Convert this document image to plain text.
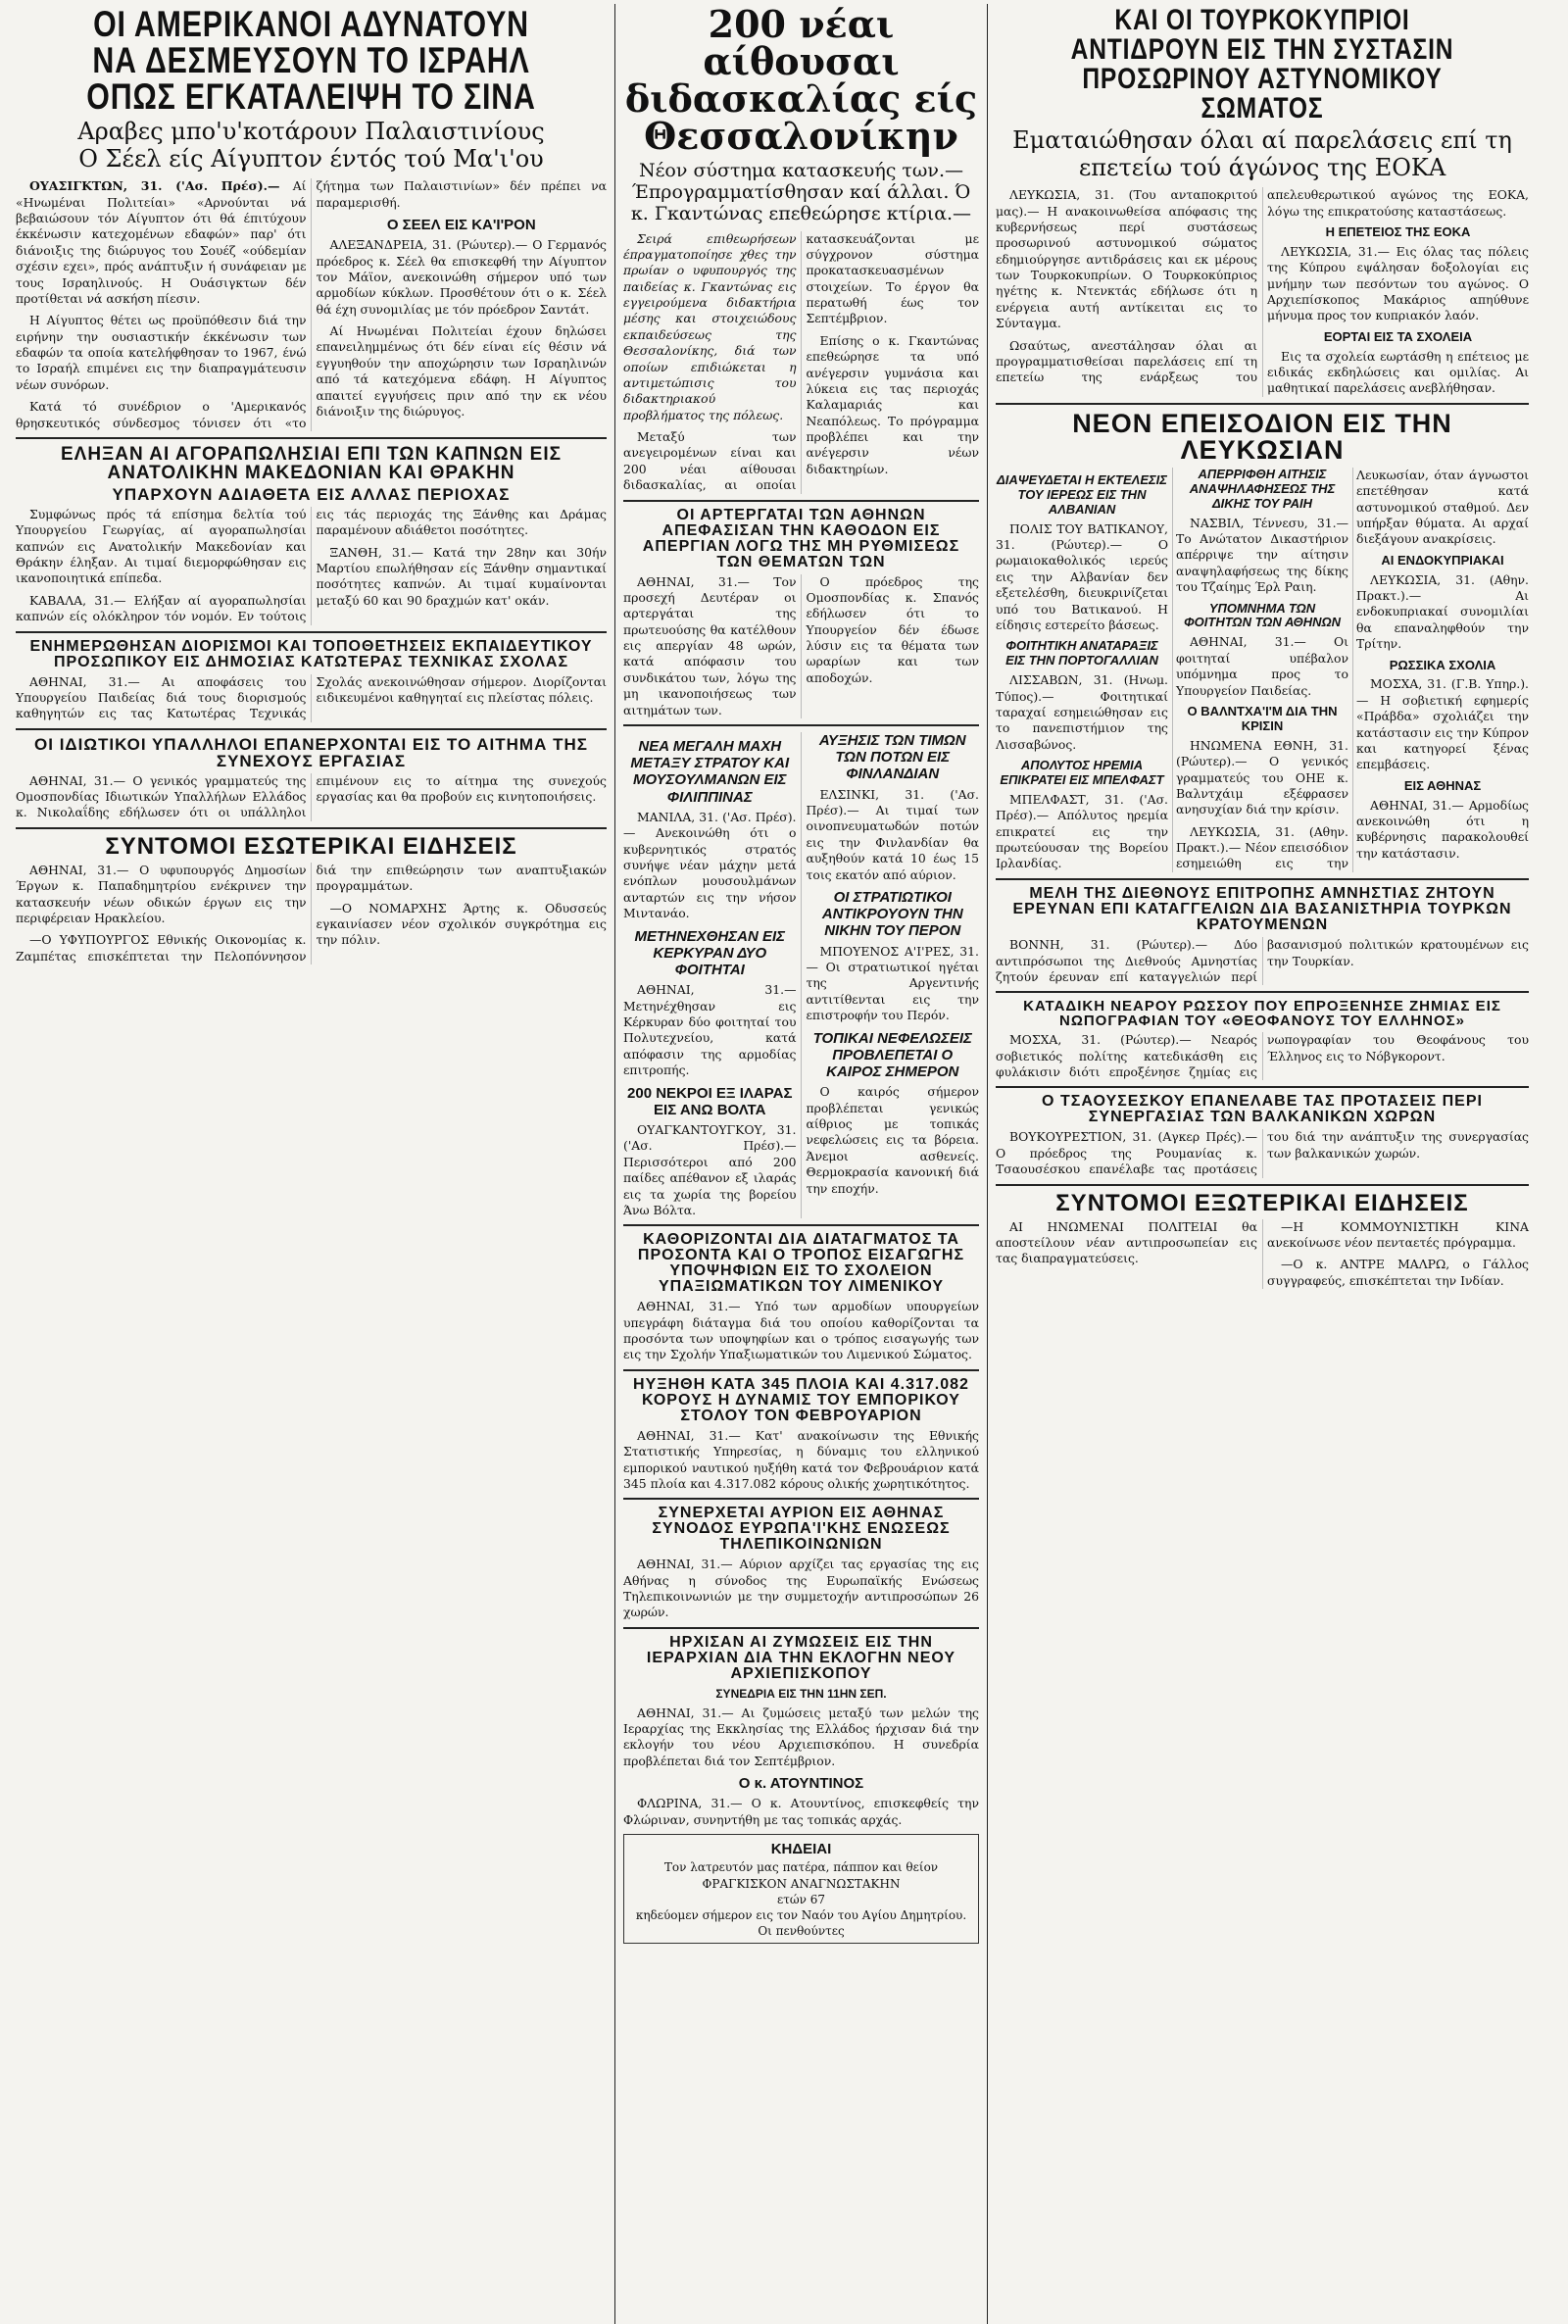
ΟΙ ΑΜΕΡΙΚΑΝΟΙ ΑΔΥΝΑΤΟΥΝ ΝΑ ΔΕΣΜΕΥΣΟΥΝ ΤΟ ΙΣΡΑΗΛ ΟΠΩΣ ΕΓΚΑΤΑΛΕΙΨΗ ΤΟ ΣΙΝΑ
Αραβες μπο'υ'κοτάρουν Παλαιστινίους
Ο Σέελ είς Αίγυπτον έντός τού Μα'ι'ου

ΟΥΑΣΙΓΚΤΩΝ, 31. ('Ασ. Πρέσ).— Αί «Ηνωμέναι Πολιτείαι» «Αρνούνται νά βεβαιώσουν τόν Αίγυπτον ότι θά έπιτύχουν έκκένωσιν κατεχομένων εδαφών» παρ' ότι διάνοιξις της διώρυγος του Σουέζ «ούδεμίαν σχέσιν εχει», πρός ανάπτυξιν ή συνάφειαν με τους Ισραηλινούς. Η Ουάσιγκτων δέν προτίθεται νά ασκήση πίεσιν.

Η Αίγυπτος θέτει ως προϋπόθεσιν διά την ειρήνην την ουσιαστικήν έκκένωσιν των εδαφών τα οποία κατελήφθησαν το 1967, ένώ το Ισραήλ επιμένει εις την διαπραγμάτευσιν νέων συνόρων.

Κατά τό συνέδριον ο 'Αμερικανός θρησκευτικός σύνδεσμος τόνισεν ότι «το ζήτημα των Παλαιστινίων» δέν πρέπει να παραμερισθή.

Ο ΣΕΕΛ ΕΙΣ ΚΑ'Ι'ΡΟΝ

ΑΛΕΞΑΝΔΡΕΙΑ, 31. (Ρώυτερ).— Ο Γερμανός πρόεδρος κ. Σέελ θα επισκεφθή την Αίγυπτον τον Μάϊον, ανεκοινώθη σήμερον υπό των αρμοδίων κύκλων. Προσθέτουν ότι ο κ. Σέελ θά έχη συνομιλίας με τόν πρόεδρον Σαντάτ.

Αί Ηνωμέναι Πολιτείαι έχουν δηλώσει επανειλημμένως ότι δέν είναι είς θέσιν νά εγγυηθούν την αποχώρησιν των Ισραηλινών από τά κατεχόμενα εδάφη. Η Αίγυπτος απαιτεί εγγυήσεις πριν από την εκ νέου διάνοιξιν της διώρυγος.

ΕΛΗΞΑΝ ΑΙ ΑΓΟΡΑΠΩΛΗΣΙΑΙ ΕΠΙ ΤΩΝ ΚΑΠΝΩΝ ΕΙΣ ΑΝΑΤΟΛΙΚΗΝ ΜΑΚΕΔΟΝΙΑΝ ΚΑΙ ΘΡΑΚΗΝ
ΥΠΑΡΧΟΥΝ ΑΔΙΑΘΕΤΑ ΕΙΣ ΑΛΛΑΣ ΠΕΡΙΟΧΑΣ

Συμφώνως πρός τά επίσημα δελτία τού Υπουργείου Γεωργίας, αί αγοραπωλησίαι καπνών εις Ανατολικήν Μακεδονίαν και Θράκην έληξαν. Αι τιμαί διεμορφώθησαν εις ικανοποιητικά επίπεδα.

ΚΑΒΑΛΑ, 31.— Ελήξαν αί αγοραπωλησίαι καπνών είς ολόκληρον τόν νομόν. Εν τούτοις εις τάς περιοχάς της Ξάνθης και Δράμας παραμένουν αδιάθετοι ποσότητες.

ΞΑΝΘΗ, 31.— Κατά την 28ην και 30ήν Μαρτίου επωλήθησαν είς Ξάνθην σημαντικαί ποσότητες καπνών. Αι τιμαί κυμαίνονται μεταξύ 60 και 90 δραχμών κατ' οκάν.

ΕΝΗΜΕΡΩΘΗΣΑΝ ΔΙΟΡΙΣΜΟΙ ΚΑΙ ΤΟΠΟΘΕΤΗΣΕΙΣ ΕΚΠΑΙΔΕΥΤΙΚΟΥ ΠΡΟΣΩΠΙΚΟΥ ΕΙΣ ΔΗΜΟΣΙΑΣ ΚΑΤΩΤΕΡΑΣ ΤΕΧΝΙΚΑΣ ΣΧΟΛΑΣ

ΑΘΗΝΑΙ, 31.— Αι αποφάσεις του Υπουργείου Παιδείας διά τους διορισμούς καθηγητών εις τας Κατωτέρας Τεχνικάς Σχολάς ανεκοινώθησαν σήμερον. Διορίζονται ειδικευμένοι καθηγηταί εις πλείστας πόλεις.

ΟΙ ΙΔΙΩΤΙΚΟΙ ΥΠΑΛΛΗΛΟΙ ΕΠΑΝΕΡΧΟΝΤΑΙ ΕΙΣ ΤΟ ΑΙΤΗΜΑ ΤΗΣ ΣΥΝΕΧΟΥΣ ΕΡΓΑΣΙΑΣ

ΑΘΗΝΑΙ, 31.— Ο γενικός γραμματεύς της Ομοσπονδίας Ιδιωτικών Υπαλλήλων Ελλάδος κ. Νικολαΐδης εδήλωσεν ότι οι υπάλληλοι επιμένουν εις το αίτημα της συνεχούς εργασίας και θα προβούν εις κινητοποιήσεις.

ΣΥΝΤΟΜΟΙ ΕΣΩΤΕΡΙΚΑΙ ΕΙΔΗΣΕΙΣ

ΑΘΗΝΑΙ, 31.— Ο υφυπουργός Δημοσίων Έργων κ. Παπαδημητρίου ενέκρινεν την κατασκευήν νέων οδικών έργων εις την περιφέρειαν Ηρακλείου.

—Ο ΥΦΥΠΟΥΡΓΟΣ Εθνικής Οικονομίας κ. Ζαμπέτας επισκέπτεται την Πελοπόννησον διά την επιθεώρησιν των αναπτυξιακών προγραμμάτων.

—Ο ΝΟΜΑΡΧΗΣ Άρτης κ. Οδυσσεύς εγκαινίασεν νέον σχολικόν συγκρότημα εις την πόλιν.

200 νέαι αίθουσαι διδασκαλίας είς Θεσσαλονίκην
Νέον σύστημα κατασκευής των.— Έπρογραμματίσθησαν καί άλλαι. Ό κ. Γκαντώνας επεθεώρησε κτίρια.—

Σειρά επιθεωρήσεων έπραγματοποίησε χθες την πρωίαν ο υφυπουργός της παιδείας κ. Γκαντώνας εις εγγειρούμενα διδακτήρια μέσης και στοιχειώδους εκπαιδεύσεως της Θεσσαλονίκης, διά των οποίων επιδιώκεται η αντιμετώπισις του διδακτηριακού προβλήματος της πόλεως.

Μεταξύ των ανεγειρομένων είναι και 200 νέαι αίθουσαι διδασκαλίας, αι οποίαι κατασκευάζονται με σύγχρονον σύστημα προκατασκευασμένων στοιχείων. Το έργον θα περατωθή έως τον Σεπτέμβριον.

Επίσης ο κ. Γκαντώνας επεθεώρησε τα υπό ανέγερσιν γυμνάσια και λύκεια εις τας περιοχάς Καλαμαριάς και Νεαπόλεως. Το πρόγραμμα προβλέπει και την ανέγερσιν νέων διδακτηρίων.

ΟΙ ΑΡΤΕΡΓΑΤΑΙ ΤΩΝ ΑΘΗΝΩΝ ΑΠΕΦΑΣΙΣΑΝ ΤΗΝ ΚΑΘΟΔΟΝ ΕΙΣ ΑΠΕΡΓΙΑΝ ΛΟΓΩ ΤΗΣ ΜΗ ΡΥΘΜΙΣΕΩΣ ΤΩΝ ΘΕΜΑΤΩΝ ΤΩΝ

ΑΘΗΝΑΙ, 31.— Τον προσεχή Δευτέραν οι αρτεργάται της πρωτευούσης θα κατέλθουν εις απεργίαν 48 ωρών, κατά απόφασιν του συνδικάτου των, λόγω της μη ικανοποιήσεως των αιτημάτων των.

Ο πρόεδρος της Ομοσπονδίας κ. Σπανός εδήλωσεν ότι το Υπουργείον δέν έδωσε λύσιν εις τα θέματα των ωραρίων και των αποδοχών.

ΝΕΑ ΜΕΓΑΛΗ ΜΑΧΗ ΜΕΤΑΞΥ ΣΤΡΑΤΟΥ ΚΑΙ ΜΟΥΣΟΥΛΜΑΝΩΝ ΕΙΣ ΦΙΛΙΠΠΙΝΑΣ

ΜΑΝΙΛΑ, 31. ('Ασ. Πρέσ).— Ανεκοινώθη ότι ο κυβερνητικός στρατός συνήψε νέαν μάχην μετά ενόπλων μουσουλμάνων ανταρτών εις την νήσον Μιντανάο.

ΜΕΤΗΝΕΧΘΗΣΑΝ ΕΙΣ ΚΕΡΚΥΡΑΝ ΔΥΟ ΦΟΙΤΗΤΑΙ

ΑΘΗΝΑΙ, 31.— Μετηνέχθησαν εις Κέρκυραν δύο φοιτηταί του Πολυτεχνείου, κατά απόφασιν της αρμοδίας επιτροπής.

200 ΝΕΚΡΟΙ ΕΞ ΙΛΑΡΑΣ ΕΙΣ ΑΝΩ ΒΟΛΤΑ

ΟΥΑΓΚΑΝΤΟΥΓΚΟΥ, 31. ('Ασ. Πρέσ).— Περισσότεροι από 200 παίδες απέθανον εξ ιλαράς εις τα χωρία της βορείου Άνω Βόλτα.

ΑΥΞΗΣΙΣ ΤΩΝ ΤΙΜΩΝ ΤΩΝ ΠΟΤΩΝ ΕΙΣ ΦΙΝΛΑΝΔΙΑΝ

ΕΛΣΙΝΚΙ, 31. ('Ασ. Πρέσ).— Αι τιμαί των οινοπνευματωδών ποτών εις την Φινλανδίαν θα αυξηθούν κατά 10 έως 15 τοις εκατόν από αύριον.

ΟΙ ΣΤΡΑΤΙΩΤΙΚΟΙ ΑΝΤΙΚΡΟΥΟΥΝ ΤΗΝ ΝΙΚΗΝ ΤΟΥ ΠΕΡΟΝ

ΜΠΟΥΕΝΟΣ Α'Ι'ΡΕΣ, 31.— Οι στρατιωτικοί ηγέται της Αργεντινής αντιτίθενται εις την επιστροφήν του Περόν.

ΤΟΠΙΚΑΙ ΝΕΦΕΛΩΣΕΙΣ ΠΡΟΒΛΕΠΕΤΑΙ Ο ΚΑΙΡΟΣ ΣΗΜΕΡΟΝ

Ο καιρός σήμερον προβλέπεται γενικώς αίθριος με τοπικάς νεφελώσεις εις τα βόρεια. Άνεμοι ασθενείς. Θερμοκρασία κανονική διά την εποχήν.

ΚΑΘΟΡΙΖΟΝΤΑΙ ΔΙΑ ΔΙΑΤΑΓΜΑΤΟΣ ΤΑ ΠΡΟΣΟΝΤΑ ΚΑΙ Ο ΤΡΟΠΟΣ ΕΙΣΑΓΩΓΗΣ ΥΠΟΨΗΦΙΩΝ ΕΙΣ ΤΟ ΣΧΟΛΕΙΟΝ ΥΠΑΞΙΩΜΑΤΙΚΩΝ ΤΟΥ ΛΙΜΕΝΙΚΟΥ

ΑΘΗΝΑΙ, 31.— Υπό των αρμοδίων υπουργείων υπεγράφη διάταγμα διά του οποίου καθορίζονται τα προσόντα των υποψηφίων και ο τρόπος εισαγωγής των εις την Σχολήν Υπαξιωματικών του Λιμενικού Σώματος.

ΗΥΞΗΘΗ ΚΑΤΑ 345 ΠΛΟΙΑ ΚΑΙ 4.317.082 ΚΟΡΟΥΣ Η ΔΥΝΑΜΙΣ ΤΟΥ ΕΜΠΟΡΙΚΟΥ ΣΤΟΛΟΥ ΤΟΝ ΦΕΒΡΟΥΑΡΙΟΝ

ΑΘΗΝΑΙ, 31.— Κατ' ανακοίνωσιν της Εθνικής Στατιστικής Υπηρεσίας, η δύναμις του ελληνικού εμπορικού ναυτικού ηυξήθη κατά τον Φεβρουάριον κατά 345 πλοία και 4.317.082 κόρους ολικής χωρητικότητος.

ΣΥΝΕΡΧΕΤΑΙ ΑΥΡΙΟΝ ΕΙΣ ΑΘΗΝΑΣ ΣΥΝΟΔΟΣ ΕΥΡΩΠΑ'Ι'ΚΗΣ ΕΝΩΣΕΩΣ ΤΗΛΕΠΙΚΟΙΝΩΝΙΩΝ

ΑΘΗΝΑΙ, 31.— Αύριον αρχίζει τας εργασίας της εις Αθήνας η σύνοδος της Ευρωπαϊκής Ενώσεως Τηλεπικοινωνιών με την συμμετοχήν αντιπροσώπων 26 χωρών.

ΗΡΧΙΣΑΝ ΑΙ ΖΥΜΩΣΕΙΣ ΕΙΣ ΤΗΝ ΙΕΡΑΡΧΙΑΝ ΔΙΑ ΤΗΝ ΕΚΛΟΓΗΝ ΝΕΟΥ ΑΡΧΙΕΠΙΣΚΟΠΟΥ
ΣΥΝΕΔΡΙΑ ΕΙΣ ΤΗΝ 11ΗΝ ΣΕΠ.

ΑΘΗΝΑΙ, 31.— Αι ζυμώσεις μεταξύ των μελών της Ιεραρχίας της Εκκλησίας της Ελλάδος ήρχισαν διά την εκλογήν του νέου Αρχιεπισκόπου. Η συνεδρία προβλέπεται διά τον Σεπτέμβριον.

Ο κ. ΑΤΟΥΝΤΙΝΟΣ

ΦΛΩΡΙΝΑ, 31.— Ο κ. Ατουντίνος, επισκεφθείς την Φλώριναν, συνηντήθη με τας τοπικάς αρχάς.

ΚΗΔΕΙΑΙ
Τον λατρευτόν μας πατέρα, πάππον και θείον
ΦΡΑΓΚΙΣΚΟΝ ΑΝΑΓΝΩΣΤΑΚΗΝ
ετών 67
κηδεύομεν σήμερον εις τον Ναόν του Αγίου Δημητρίου.
Οι πενθούντες
ΚΑΙ ΟΙ ΤΟΥΡΚΟΚΥΠΡΙΟΙ ΑΝΤΙΔΡΟΥΝ ΕΙΣ ΤΗΝ ΣΥΣΤΑΣΙΝ ΠΡΟΣΩΡΙΝΟΥ ΑΣΤΥΝΟΜΙΚΟΥ ΣΩΜΑΤΟΣ
Εματαιώθησαν όλαι αί παρελάσεις επί τη επετείω τού άγώνος της ΕΟΚΑ

ΛΕΥΚΩΣΙΑ, 31. (Του ανταποκριτού μας).— Η ανακοινωθείσα απόφασις της κυβερνήσεως περί συστάσεως προσωρινού αστυνομικού σώματος εδημιούργησε αντιδράσεις και εκ μέρους των Τουρκοκυπρίων. Ο Τουρκοκύπριος ηγέτης κ. Ντενκτάς εδήλωσε ότι η ενέργεια αυτή αντίκειται εις το Σύνταγμα.

Ωσαύτως, ανεστάλησαν όλαι αι προγραμματισθείσαι παρελάσεις επί τη επετείω της ενάρξεως του απελευθερωτικού αγώνος της ΕΟΚΑ, λόγω της επικρατούσης καταστάσεως.

Η ΕΠΕΤΕΙΟΣ ΤΗΣ ΕΟΚΑ

ΛΕΥΚΩΣΙΑ, 31.— Εις όλας τας πόλεις της Κύπρου εψάλησαν δοξολογίαι εις μνήμην των πεσόντων του αγώνος. Ο Αρχιεπίσκοπος Μακάριος απηύθυνε μήνυμα προς τον κυπριακόν λαόν.

ΕΟΡΤΑΙ ΕΙΣ ΤΑ ΣΧΟΛΕΙΑ

Εις τα σχολεία εωρτάσθη η επέτειος με ειδικάς εκδηλώσεις και ομιλίας. Αι μαθητικαί παρελάσεις ανεβλήθησαν.

ΝΕΟΝ ΕΠΕΙΣΟΔΙΟΝ ΕΙΣ ΤΗΝ ΛΕΥΚΩΣΙΑΝ
ΔΙΑΨΕΥΔΕΤΑΙ Η ΕΚΤΕΛΕΣΙΣ ΤΟΥ ΙΕΡΕΩΣ ΕΙΣ ΤΗΝ ΑΛΒΑΝΙΑΝ

ΠΟΛΙΣ ΤΟΥ ΒΑΤΙΚΑΝΟΥ, 31. (Ρώυτερ).— Ο ρωμαιοκαθολικός ιερεύς εις την Αλβανίαν δεν εξετελέσθη, διευκρινίζεται υπό του Βατικανού. Η είδησις εστερείτο βάσεως.

ΦΟΙΤΗΤΙΚΗ ΑΝΑΤΑΡΑΞΙΣ ΕΙΣ ΤΗΝ ΠΟΡΤΟΓΑΛΛΙΑΝ

ΛΙΣΣΑΒΩΝ, 31. (Ηνωμ. Τύπος).— Φοιτητικαί ταραχαί εσημειώθησαν εις το πανεπιστήμιον της Λισσαβώνος.

ΑΠΟΛΥΤΟΣ ΗΡΕΜΙΑ ΕΠΙΚΡΑΤΕΙ ΕΙΣ ΜΠΕΛΦΑΣΤ

ΜΠΕΛΦΑΣΤ, 31. ('Ασ. Πρέσ).— Απόλυτος ηρεμία επικρατεί εις την πρωτεύουσαν της Βορείου Ιρλανδίας.

ΑΠΕΡΡΙΦΘΗ ΑΙΤΗΣΙΣ ΑΝΑΨΗΛΑΦΗΣΕΩΣ ΤΗΣ ΔΙΚΗΣ ΤΟΥ ΡΑΙΗ

ΝΑΣΒΙΛ, Τέννεσυ, 31.— Το Ανώτατον Δικαστήριον απέρριψε την αίτησιν αναψηλαφήσεως της δίκης του Τζαίημς Έρλ Ραιη.

ΥΠΟΜΝΗΜΑ ΤΩΝ ΦΟΙΤΗΤΩΝ ΤΩΝ ΑΘΗΝΩΝ

ΑΘΗΝΑΙ, 31.— Οι φοιτηταί υπέβαλον υπόμνημα προς το Υπουργείον Παιδείας.

Ο ΒΑΛΝΤΧΑ'Ι'Μ ΔΙΑ ΤΗΝ ΚΡΙΣΙΝ

ΗΝΩΜΕΝΑ ΕΘΝΗ, 31. (Ρώυτερ).— Ο γενικός γραμματεύς του ΟΗΕ κ. Βαλντχάιμ εξέφρασεν ανησυχίαν διά την κρίσιν.

ΛΕΥΚΩΣΙΑ, 31. (Αθην. Πρακτ.).— Νέον επεισόδιον εσημειώθη εις την Λευκωσίαν, όταν άγνωστοι επετέθησαν κατά αστυνομικού σταθμού. Δεν υπήρξαν θύματα. Αι αρχαί διεξάγουν ανακρίσεις.

ΑΙ ΕΝΔΟΚΥΠΡΙΑΚΑΙ

ΛΕΥΚΩΣΙΑ, 31. (Αθην. Πρακτ.).— Αι ενδοκυπριακαί συνομιλίαι θα επαναληφθούν την Τρίτην.

ΡΩΣΣΙΚΑ ΣΧΟΛΙΑ

ΜΟΣΧΑ, 31. (Γ.Β. Υπηρ.).— Η σοβιετική εφημερίς «Πράβδα» σχολιάζει την κατάστασιν εις την Κύπρον και κατηγορεί ξένας επεμβάσεις.

ΕΙΣ ΑΘΗΝΑΣ

ΑΘΗΝΑΙ, 31.— Αρμοδίως ανεκοινώθη ότι η κυβέρνησις παρακολουθεί την κατάστασιν.

ΜΕΛΗ ΤΗΣ ΔΙΕΘΝΟΥΣ ΕΠΙΤΡΟΠΗΣ ΑΜΝΗΣΤΙΑΣ ΖΗΤΟΥΝ ΕΡΕΥΝΑΝ ΕΠΙ ΚΑΤΑΓΓΕΛΙΩΝ ΔΙΑ ΒΑΣΑΝΙΣΤΗΡΙΑ ΤΟΥΡΚΩΝ ΚΡΑΤΟΥΜΕΝΩΝ

ΒΟΝΝΗ, 31. (Ρώυτερ).— Δύο αντιπρόσωποι της Διεθνούς Αμνηστίας ζητούν έρευναν επί καταγγελιών περί βασανισμού πολιτικών κρατουμένων εις την Τουρκίαν.

ΚΑΤΑΔΙΚΗ ΝΕΑΡΟΥ ΡΩΣΣΟΥ ΠΟΥ ΕΠΡΟΞΕΝΗΣΕ ΖΗΜΙΑΣ ΕΙΣ ΝΩΠΟΓΡΑΦΙΑΝ ΤΟΥ «ΘΕΟΦΑΝΟΥΣ ΤΟΥ ΕΛΛΗΝΟΣ»

ΜΟΣΧΑ, 31. (Ρώυτερ).— Νεαρός σοβιετικός πολίτης κατεδικάσθη εις φυλάκισιν διότι επροξένησε ζημίας εις νωπογραφίαν του Θεοφάνους του Έλληνος εις το Νόβγκοροντ.

Ο ΤΣΑΟΥΣΕΣΚΟΥ ΕΠΑΝΕΛΑΒΕ ΤΑΣ ΠΡΟΤΑΣΕΙΣ ΠΕΡΙ ΣΥΝΕΡΓΑΣΙΑΣ ΤΩΝ ΒΑΛΚΑΝΙΚΩΝ ΧΩΡΩΝ

ΒΟΥΚΟΥΡΕΣΤΙΟΝ, 31. (Αγκερ Πρές).— Ο πρόεδρος της Ρουμανίας κ. Τσαουσέσκου επανέλαβε τας προτάσεις του διά την ανάπτυξιν της συνεργασίας των βαλκανικών χωρών.

ΣΥΝΤΟΜΟΙ ΕΞΩΤΕΡΙΚΑΙ ΕΙΔΗΣΕΙΣ

ΑΙ ΗΝΩΜΕΝΑΙ ΠΟΛΙΤΕΙΑΙ θα αποστείλουν νέαν αντιπροσωπείαν εις τας διαπραγματεύσεις.

—Η ΚΟΜΜΟΥΝΙΣΤΙΚΗ ΚΙΝΑ ανεκοίνωσε νέον πενταετές πρόγραμμα.

—Ο κ. ΑΝΤΡΕ ΜΑΛΡΩ, ο Γάλλος συγγραφεύς, επισκέπτεται την Ινδίαν.
